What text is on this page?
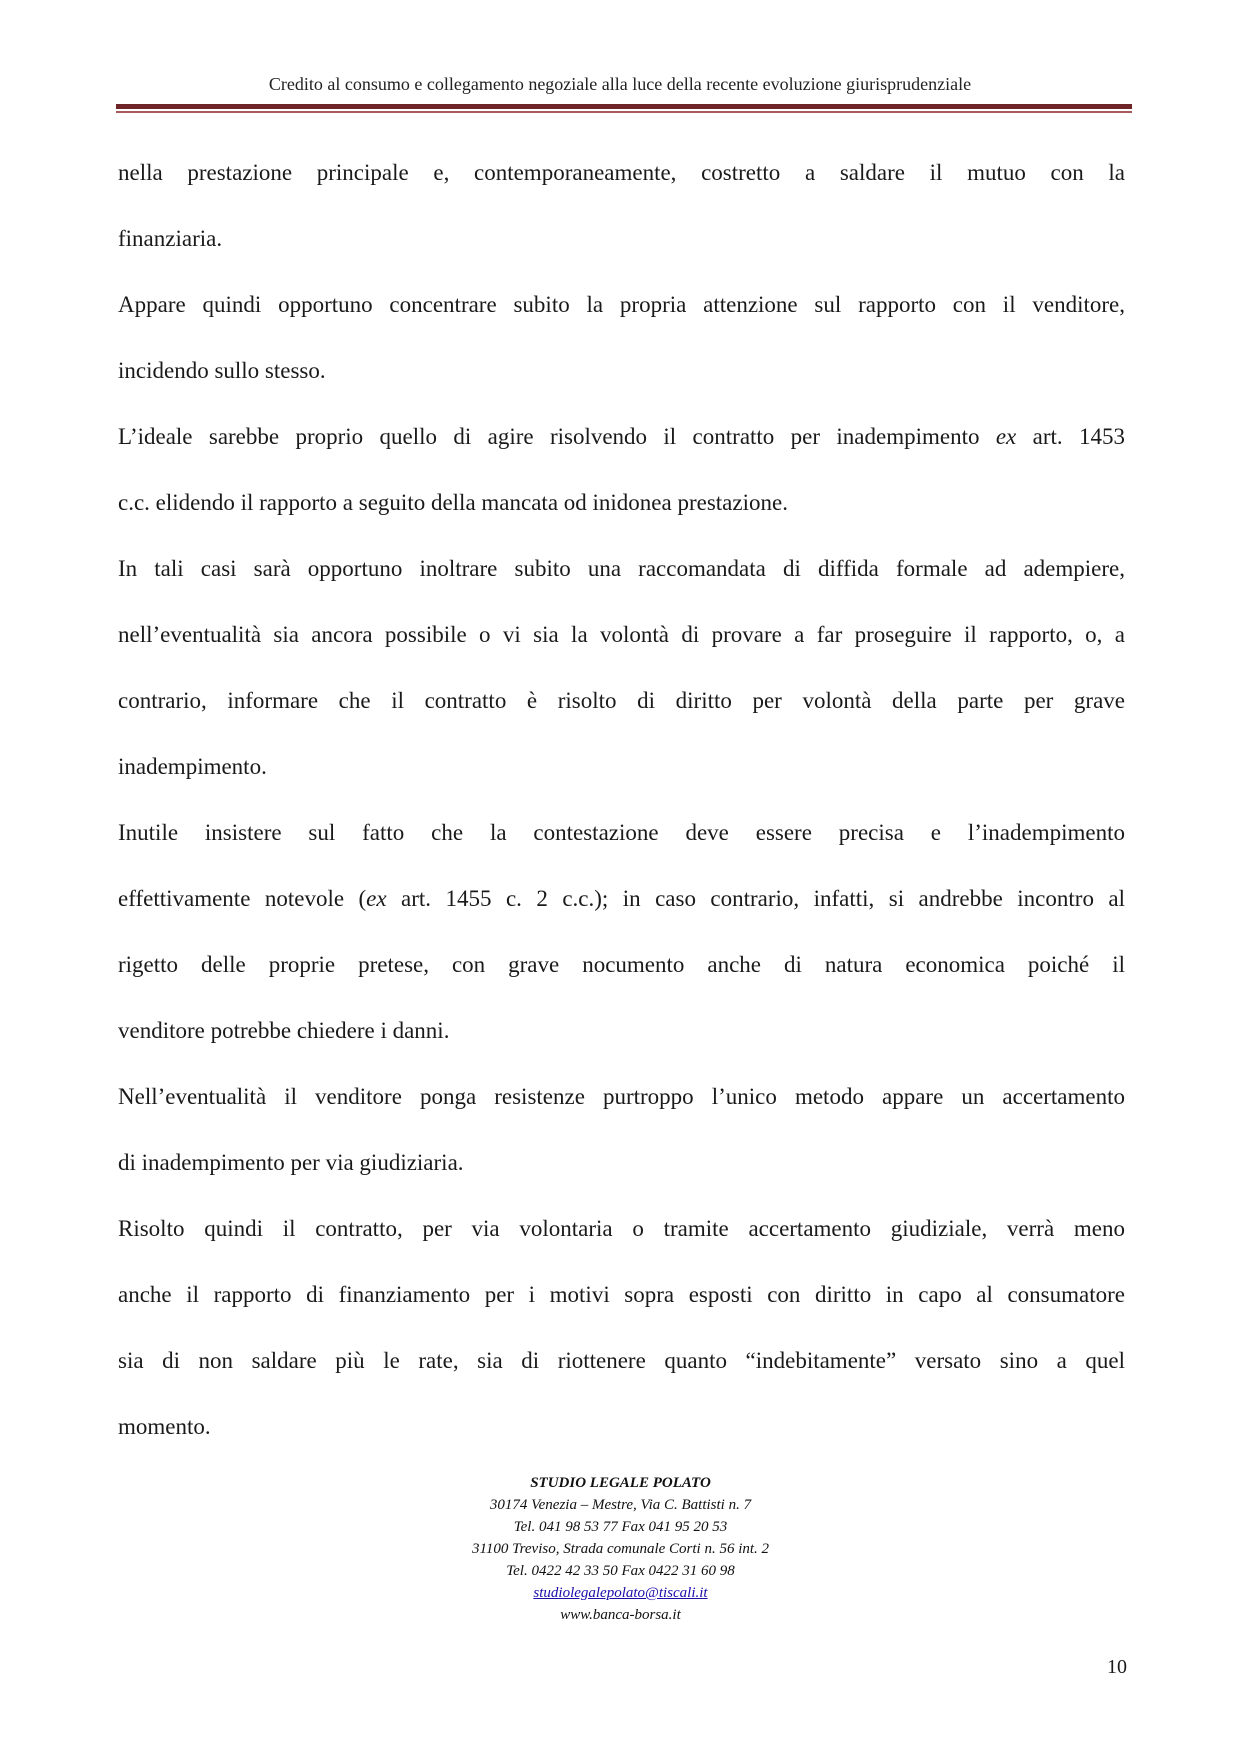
Credito al consumo e collegamento negoziale alla luce della recente evoluzione giurisprudenziale

nella prestazione principale e, contemporaneamente, costretto a saldare il mutuo con la

finanziaria.

Appare quindi opportuno concentrare subito la propria attenzione sul rapporto con il venditore,

incidendo sullo stesso.

L’ideale sarebbe proprio quello di agire risolvendo il contratto per inadempimento ex art. 1453

c.c. elidendo il rapporto a seguito della mancata od inidonea prestazione.

In tali casi sarà opportuno inoltrare subito una raccomandata di diffida formale ad adempiere,

nell’eventualità sia ancora possibile o vi sia la volontà di provare a far proseguire il rapporto, o, a

contrario, informare che il contratto è risolto di diritto per volontà della parte per grave

inadempimento.

Inutile insistere sul fatto che la contestazione deve essere precisa e l’inadempimento

effettivamente notevole (ex art. 1455 c. 2 c.c.); in caso contrario, infatti, si andrebbe incontro al

rigetto delle proprie pretese, con grave nocumento anche di natura economica poiché il

venditore potrebbe chiedere i danni.

Nell’eventualità il venditore ponga resistenze purtroppo l’unico metodo appare un accertamento

di inadempimento per via giudiziaria.

Risolto quindi il contratto, per via volontaria o tramite accertamento giudiziale, verrà meno

anche il rapporto di finanziamento per i motivi sopra esposti con diritto in capo al consumatore

sia di non saldare più le rate, sia di riottenere quanto “indebitamente” versato sino a quel

momento.

STUDIO LEGALE POLATO
30174 Venezia – Mestre, Via C. Battisti n. 7
Tel. 041 98 53 77 Fax 041 95 20 53
31100 Treviso, Strada comunale Corti n. 56 int. 2
Tel. 0422 42 33 50 Fax 0422 31 60 98
studiolegalepolato@tiscali.it
www.banca-borsa.it
10
